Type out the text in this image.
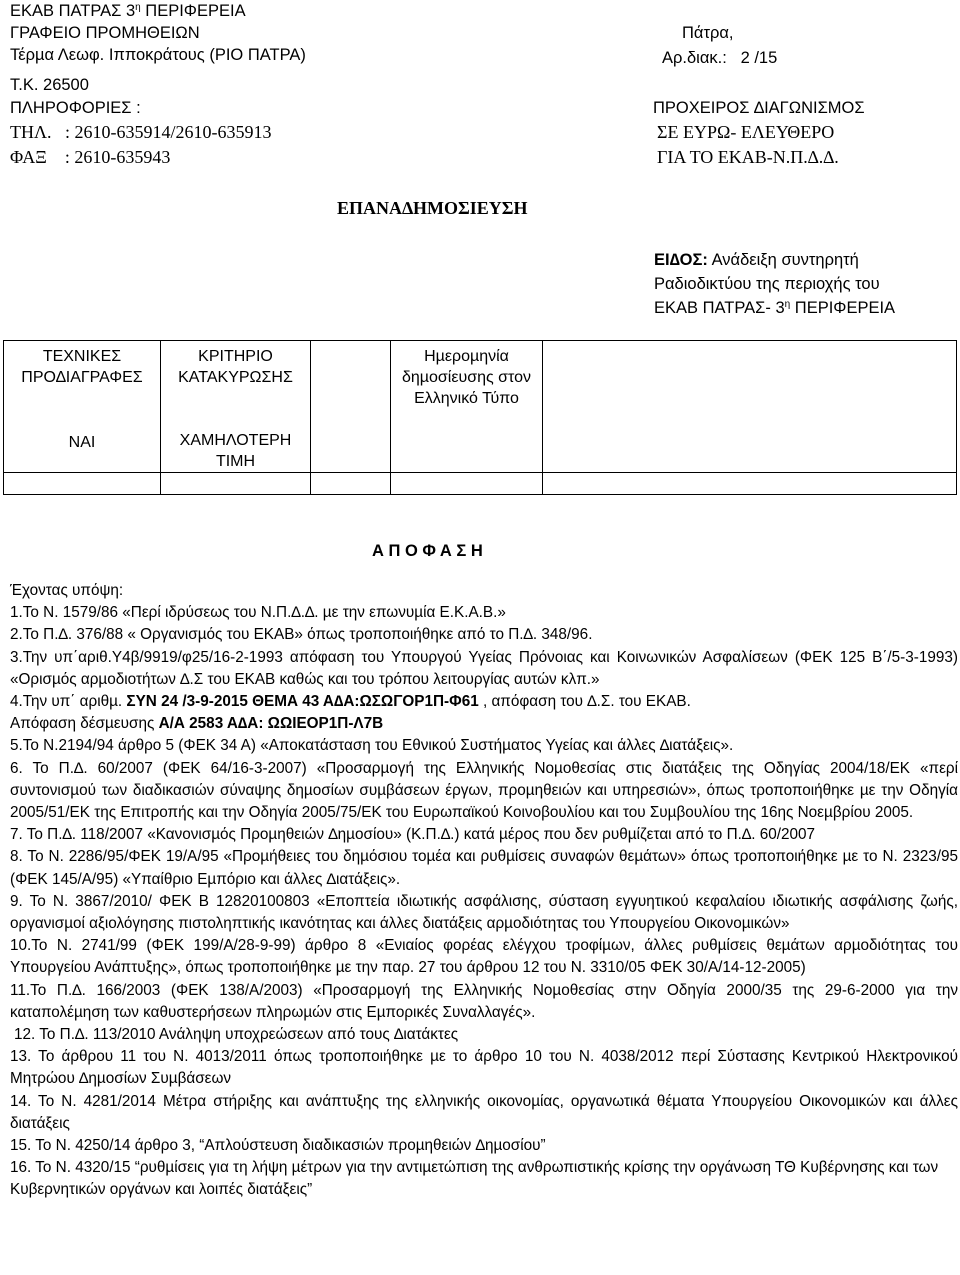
ΕΚΑΒ ΠΑΤΡΑΣ $3^\eta$ ΠΕΡΙΦΕΡΕΙΑ
ΓΡΑΦΕΙΟ ΠΡΟΜΗΘΕΙΩΝ
Τέρµα Λεωφ. Ιπποκράτους (ΡΙΟ ΠΑΤΡΑ)
Τ.Κ. 26500
ΠΛΗΡΟΦΟΡΙΕΣ :
ΤΗΛ.   : 2610-635914/2610-635913
ΦΑΞ    : 2610-635943
Πάτρα,
Αρ.διακ.: 2 /15
ΠΡΟΧΕΙΡΟΣ ∆ΙΑΓΩΝΙΣΜΟΣ
ΣΕ ΕΥΡΩ- ΕΛΕΥΘΕΡΟ
ΓΙΑ ΤΟ ΕΚΑΒ-Ν.Π.∆.∆.
ΕΠΑΝΑ∆ΗΜΟΣΙΕΥΣΗ
ΕΙ∆ΟΣ: Ανάδειξη συντηρητή
Ραδιοδικτύου της περιοχής του
ΕΚΑΒ ΠΑΤΡΑΣ- $3^\eta$ ΠΕΡΙΦΕΡΕΙΑ
ΤΕΧΝΙΚΕΣ ΠΡΟ∆ΙΑΓΡΑΦΕΣ
ΝΑΙ
ΚΡΙΤΗΡΙΟ ΚΑΤΑΚΥΡΩΣΗΣ
ΧΑΜΗΛΟΤΕΡΗ ΤΙΜΗ
Ηµεροµηνία δηµοσίευσης στον Ελληνικό Τύπο
Α Π Ο Φ Α Σ Η

Έχοντας υπόψη:

1.Το Ν. 1579/86 «Περί ιδρύσεως του Ν.Π.∆.∆. µε την επωνυµία Ε.Κ.Α.Β.»

2.Το Π.∆. 376/88 « Οργανισµός του ΕΚΑΒ» όπως τροποποιήθηκε από το Π.∆. 348/96.

3.Την υπ΄αριθ.Υ4β/9919/φ25/16-2-1993 απόφαση του Υπουργού Υγείας Πρόνοιας και Κοινωνικών Ασφαλίσεων (ΦΕΚ 125 Β΄/5-3-1993) «Ορισµός αρµοδιοτήτων ∆.Σ του ΕΚΑΒ καθώς και του τρόπου λειτουργίας αυτών κλπ.»

4.Την υπ΄ αριθµ. ΣΥΝ 24 /3-9-2015 ΘΕΜΑ 43 Α∆Α:ΩΣΩΓΟΡ1Π-Φ61 , απόφαση του ∆.Σ. του ΕΚΑΒ.

Απόφαση δέσµευσης Α/Α 2583 Α∆Α: ΩΩΙΕΟΡ1Π-Λ7Β

5.Το Ν.2194/94 άρθρο 5 (ΦΕΚ 34 Α) «Αποκατάσταση του Εθνικού Συστήµατος Υγείας και άλλες ∆ιατάξεις».

6. Το Π.∆. 60/2007 (ΦΕΚ 64/16-3-2007) «Προσαρµογή της Ελληνικής Νοµοθεσίας στις διατάξεις της Οδηγίας 2004/18/ΕΚ «περί συντονισµού των διαδικασιών σύναψης δηµοσίων συµβάσεων έργων, προµηθειών και υπηρεσιών», όπως τροποποιήθηκε µε την Οδηγία 2005/51/ΕΚ της Επιτροπής και την Οδηγία 2005/75/ΕΚ του Ευρωπαϊκού Κοινοβουλίου και του Συµβουλίου της 16ης Νοεµβρίου 2005.

7. Το Π.∆. 118/2007 «Κανονισµός Προµηθειών ∆ηµοσίου» (Κ.Π.∆.) κατά µέρος που δεν ρυθµίζεται από το Π.∆. 60/2007

8. Το Ν. 2286/95/ΦΕΚ 19/Α/95 «Προµήθειες του δηµόσιου τοµέα και ρυθµίσεις συναφών θεµάτων» όπως τροποποιήθηκε µε το Ν. 2323/95 (ΦΕΚ 145/Α/95) «Υπαίθριο Εµπόριο και άλλες ∆ιατάξεις».

9. Το Ν. 3867/2010/ ΦΕΚ Β 12820100803 «Εποπτεία ιδιωτικής ασφάλισης, σύσταση εγγυητικού κεφαλαίου ιδιωτικής ασφάλισης ζωής, οργανισµοί αξιολόγησης πιστοληπτικής ικανότητας και άλλες διατάξεις αρµοδιότητας του Υπουργείου Οικονοµικών»

10.Το Ν. 2741/99 (ΦΕΚ 199/Α/28-9-99) άρθρο 8 «Ενιαίος φορέας ελέγχου τροφίµων, άλλες ρυθµίσεις θεµάτων αρµοδιότητας του Υπουργείου Ανάπτυξης», όπως τροποποιήθηκε µε την παρ. 27 του άρθρου 12 του Ν. 3310/05 ΦΕΚ 30/Α/14-12-2005)

11.Το Π.∆. 166/2003 (ΦΕΚ 138/Α/2003) «Προσαρµογή της Ελληνικής Νοµοθεσίας στην Οδηγία 2000/35 της 29-6-2000 για την καταπολέµηση των καθυστερήσεων πληρωµών στις Εµπορικές Συναλλαγές».

12. Το Π.∆. 113/2010 Ανάληψη υποχρεώσεων από τους ∆ιατάκτες

13. Το άρθρου 11 του Ν. 4013/2011 όπως τροποποιήθηκε µε το άρθρο 10 του Ν. 4038/2012 περί Σύστασης Κεντρικού Ηλεκτρονικού Μητρώου ∆ηµοσίων Συµβάσεων

14. Το Ν. 4281/2014 Μέτρα στήριξης και ανάπτυξης της ελληνικής οικονοµίας, οργανωτικά θέµατα Υπουργείου Οικονοµικών και άλλες διατάξεις

15. Το Ν. 4250/14 άρθρο 3, “Απλούστευση διαδικασιών προµηθειών ∆ηµοσίου”

16. Το Ν. 4320/15 “ρυθµίσεις για τη λήψη µέτρων για την αντιµετώπιση της ανθρωπιστικής κρίσης την οργάνωση ΤΘ Κυβέρνησης και των Κυβερνητικών οργάνων και λοιπές διατάξεις”
